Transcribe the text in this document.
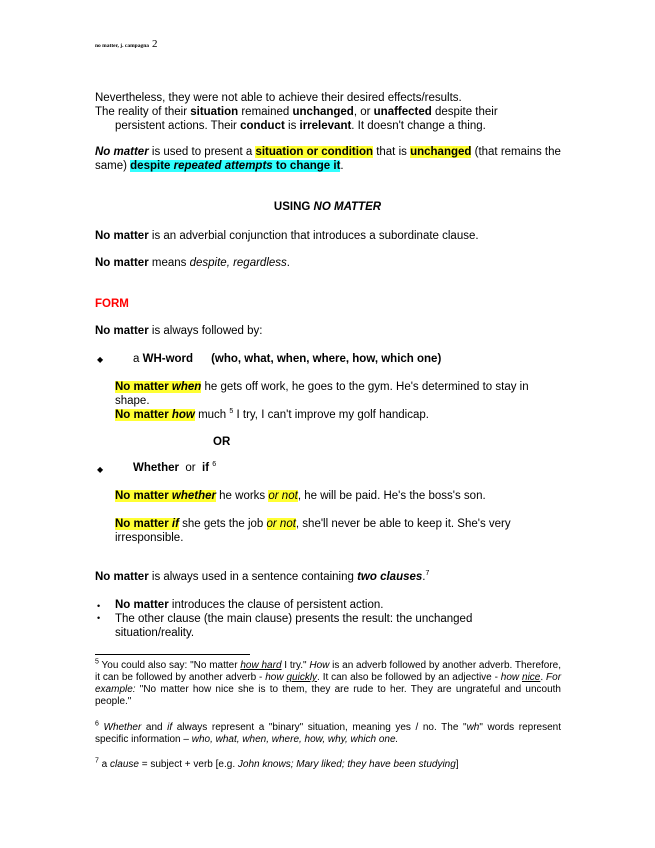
no matter, j. campagna 2
Nevertheless, they were not able to achieve their desired effects/results.
The reality of their situation remained unchanged, or unaffected despite their persistent actions. Their conduct is irrelevant. It doesn't change a thing.
No matter is used to present a situation or condition that is unchanged (that remains the same) despite repeated attempts to change it.
USING NO MATTER
No matter is an adverbial conjunction that introduces a subordinate clause.
No matter means despite, regardless.
FORM
No matter is always followed by:
◆	a WH-word (who, what, when, where, how, which one)
No matter when he gets off work, he goes to the gym. He's determined to stay in shape.
No matter how much $^5$ I try, I can't improve my golf handicap.
OR
◆	Whether or if $^6$
No matter whether he works or not, he will be paid. He's the boss's son.
No matter if she gets the job or not, she'll never be able to keep it. She's very irresponsible.
No matter is always used in a sentence containing two clauses.$^7$
• No matter introduces the clause of persistent action.
• The other clause (the main clause) presents the result: the unchanged situation/reality.
$^5$ You could also say: "No matter how hard I try." How is an adverb followed by another adverb. Therefore, it can be followed by another adverb - how quickly. It can also be followed by an adjective - how nice. For example: "No matter how nice she is to them, they are rude to her. They are ungrateful and uncouth people."
$^6$ Whether and if always represent a "binary" situation, meaning yes / no. The "wh" words represent specific information – who, what, when, where, how, why, which one.
$^7$ a clause = subject + verb [e.g. John knows; Mary liked; they have been studying]
